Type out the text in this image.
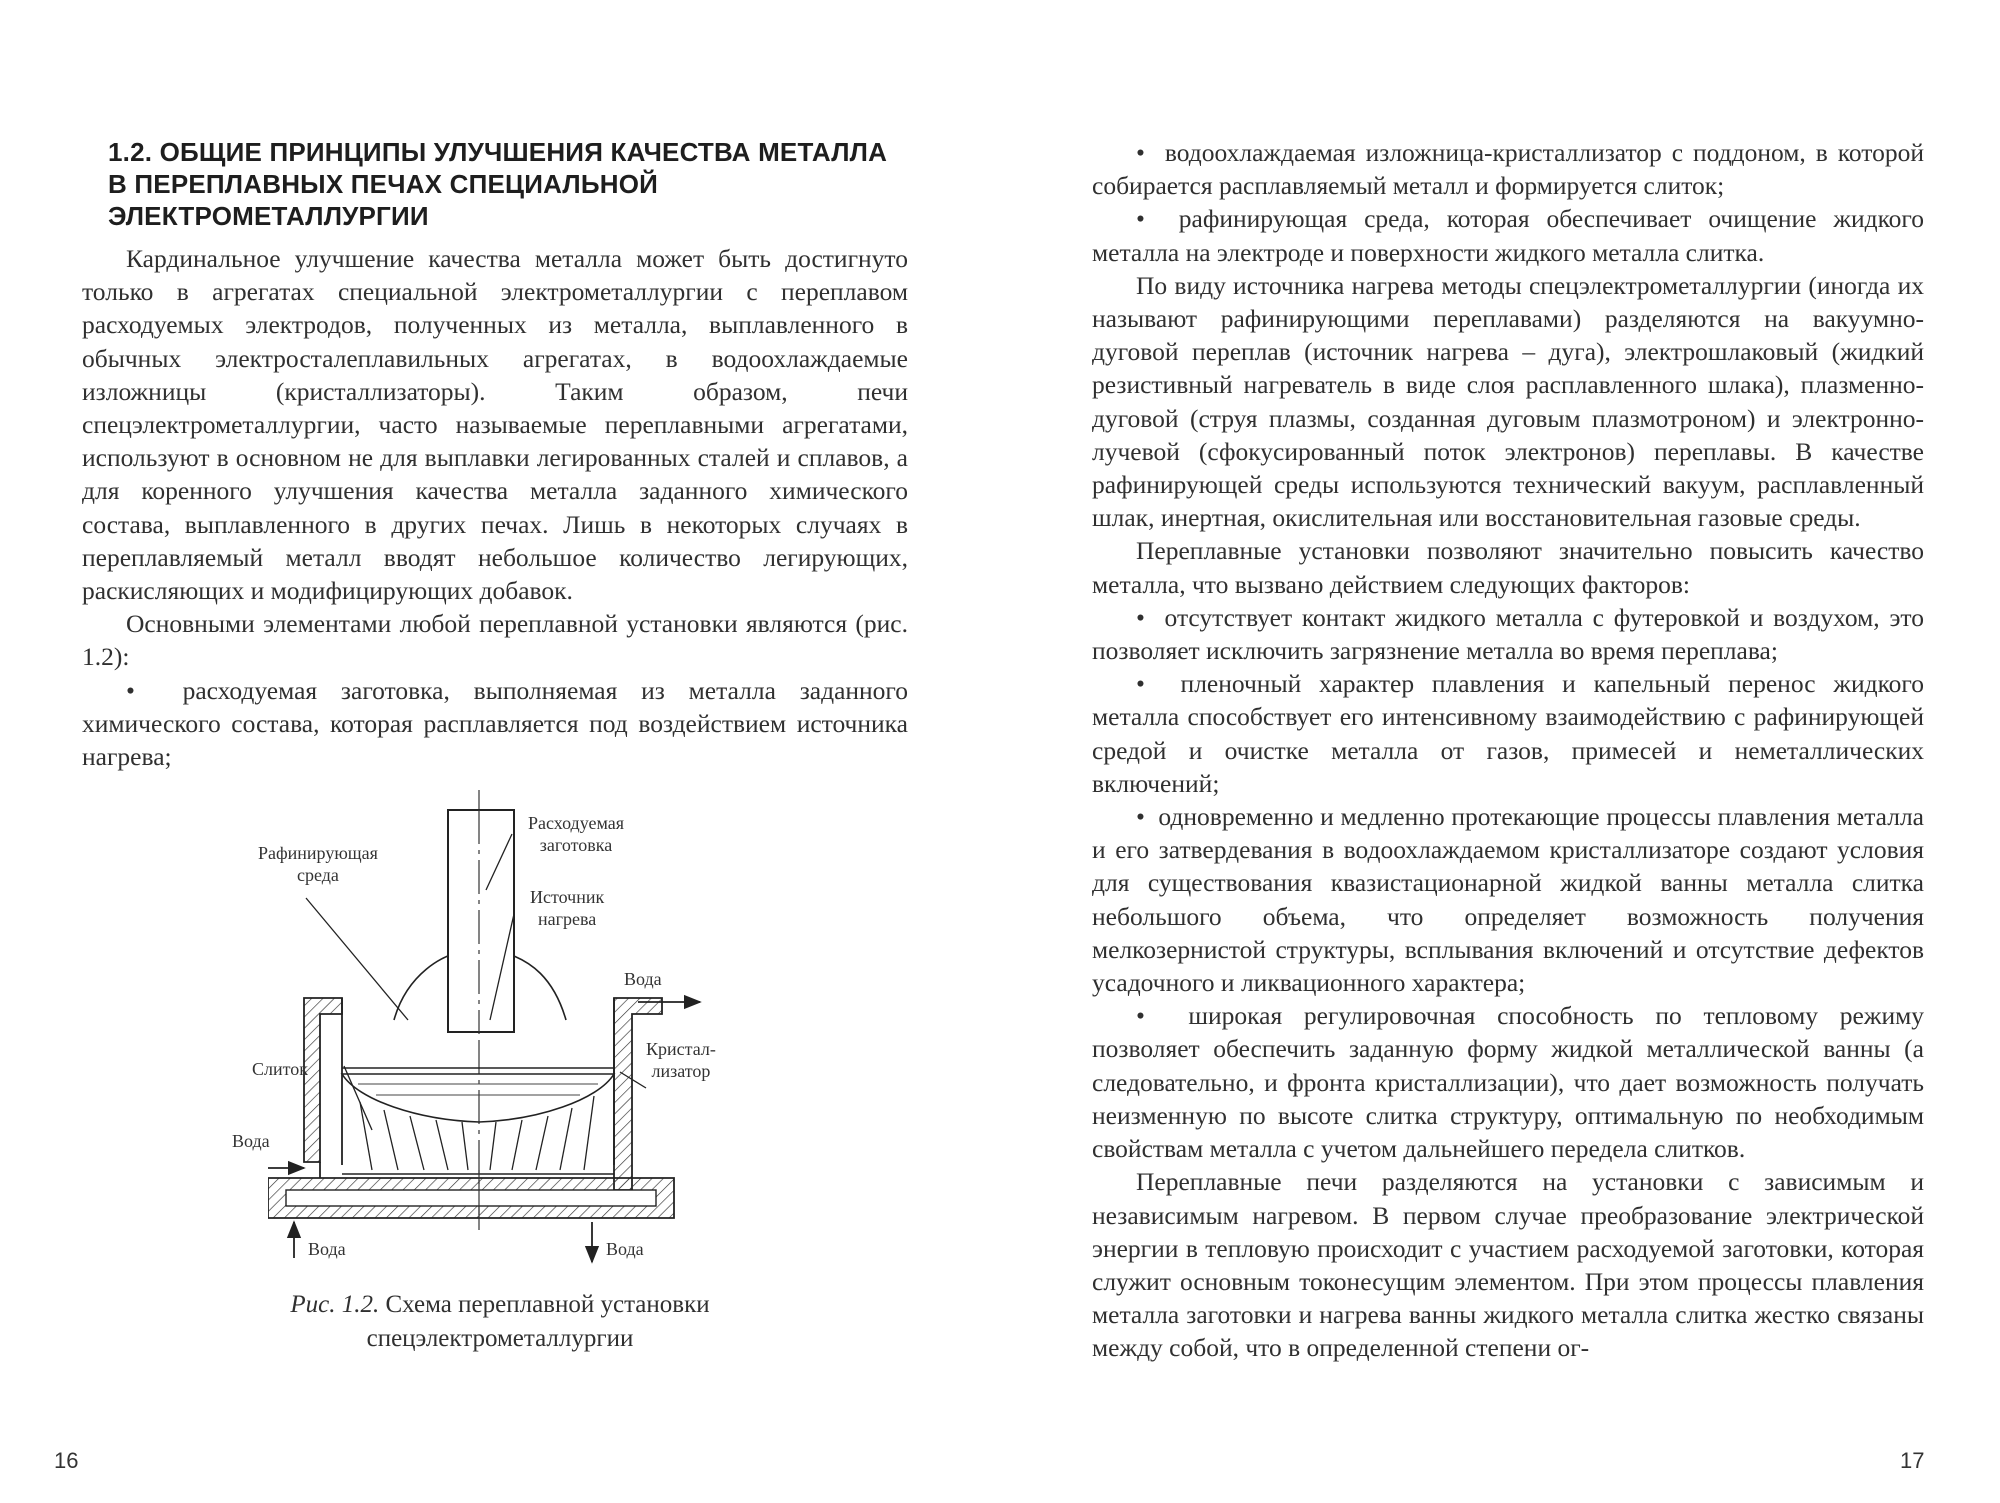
1.2. ОБЩИЕ ПРИНЦИПЫ УЛУЧШЕНИЯ КАЧЕСТВА МЕТАЛЛА В ПЕРЕПЛАВНЫХ ПЕЧАХ СПЕЦИАЛЬНОЙ ЭЛЕКТРОМЕТАЛЛУРГИИ

Кардинальное улучшение качества металла может быть достигнуто только в агрегатах специальной электрометаллургии с переплавом расходуемых электродов, полученных из металла, выплавленного в обычных электросталеплавильных агрегатах, в водоохлаждаемые изложницы (кристаллизаторы). Таким образом, печи спецэлектрометаллургии, часто называемые переплавными агрегатами, используют в основном не для выплавки легированных сталей и сплавов, а для коренного улучшения качества металла заданного химического состава, выплавленного в других печах. Лишь в некоторых случаях в переплавляемый металл вводят небольшое количество легирующих, раскисляющих и модифицирующих добавок.

Основными элементами любой переплавной установки являются (рис. 1.2):

•  расходуемая заготовка, выполняемая из металла заданного химического состава, которая расплавляется под воздействием источника нагрева;

Расходуемая
заготовка
Рафинирующая
среда
Источник
нагрева
Вода
Кристал-
лизатор
Слиток
Вода
Вода	Вода
Рис. 1.2. Схема переплавной установки спецэлектрометаллургии
16

•  водоохлаждаемая изложница-кристаллизатор с поддоном, в которой собирается расплавляемый металл и формируется слиток;

•  рафинирующая среда, которая обеспечивает очищение жидкого металла на электроде и поверхности жидкого металла слитка.

По виду источника нагрева методы спецэлектрометаллургии (иногда их называют рафинирующими переплавами) разделяются на вакуумно-дуговой переплав (источник нагрева – дуга), электрошлаковый (жидкий резистивный нагреватель в виде слоя расплавленного шлака), плазменно-дуговой (струя плазмы, созданная дуговым плазмотроном) и электронно-лучевой (сфокусированный поток электронов) переплавы. В качестве рафинирующей среды используются технический вакуум, расплавленный шлак, инертная, окислительная или восстановительная газовые среды.

Переплавные установки позволяют значительно повысить качество металла, что вызвано действием следующих факторов:

•  отсутствует контакт жидкого металла с футеровкой и воздухом, это позволяет исключить загрязнение металла во время переплава;

•  пленочный характер плавления и капельный перенос жидкого металла способствует его интенсивному взаимодействию с рафинирующей средой и очистке металла от газов, примесей и неметаллических включений;

•  одновременно и медленно протекающие процессы плавления металла и его затвердевания в водоохлаждаемом кристаллизаторе создают условия для существования квазистационарной жидкой ванны металла слитка небольшого объема, что определяет возможность получения мелкозернистой структуры, всплывания включений и отсутствие дефектов усадочного и ликвационного характера;

•  широкая регулировочная способность по тепловому режиму позволяет обеспечить заданную форму жидкой металлической ванны (а следовательно, и фронта кристаллизации), что дает возможность получать неизменную по высоте слитка структуру, оптимальную по необходимым свойствам металла с учетом дальнейшего передела слитков.

Переплавные печи разделяются на установки с зависимым и независимым нагревом. В первом случае преобразование электрической энергии в тепловую происходит с участием расходуемой заготовки, которая служит основным токонесущим элементом. При этом процессы плавления металла заготовки и нагрева ванны жидкого металла слитка жестко связаны между собой, что в определенной степени ог-

17
